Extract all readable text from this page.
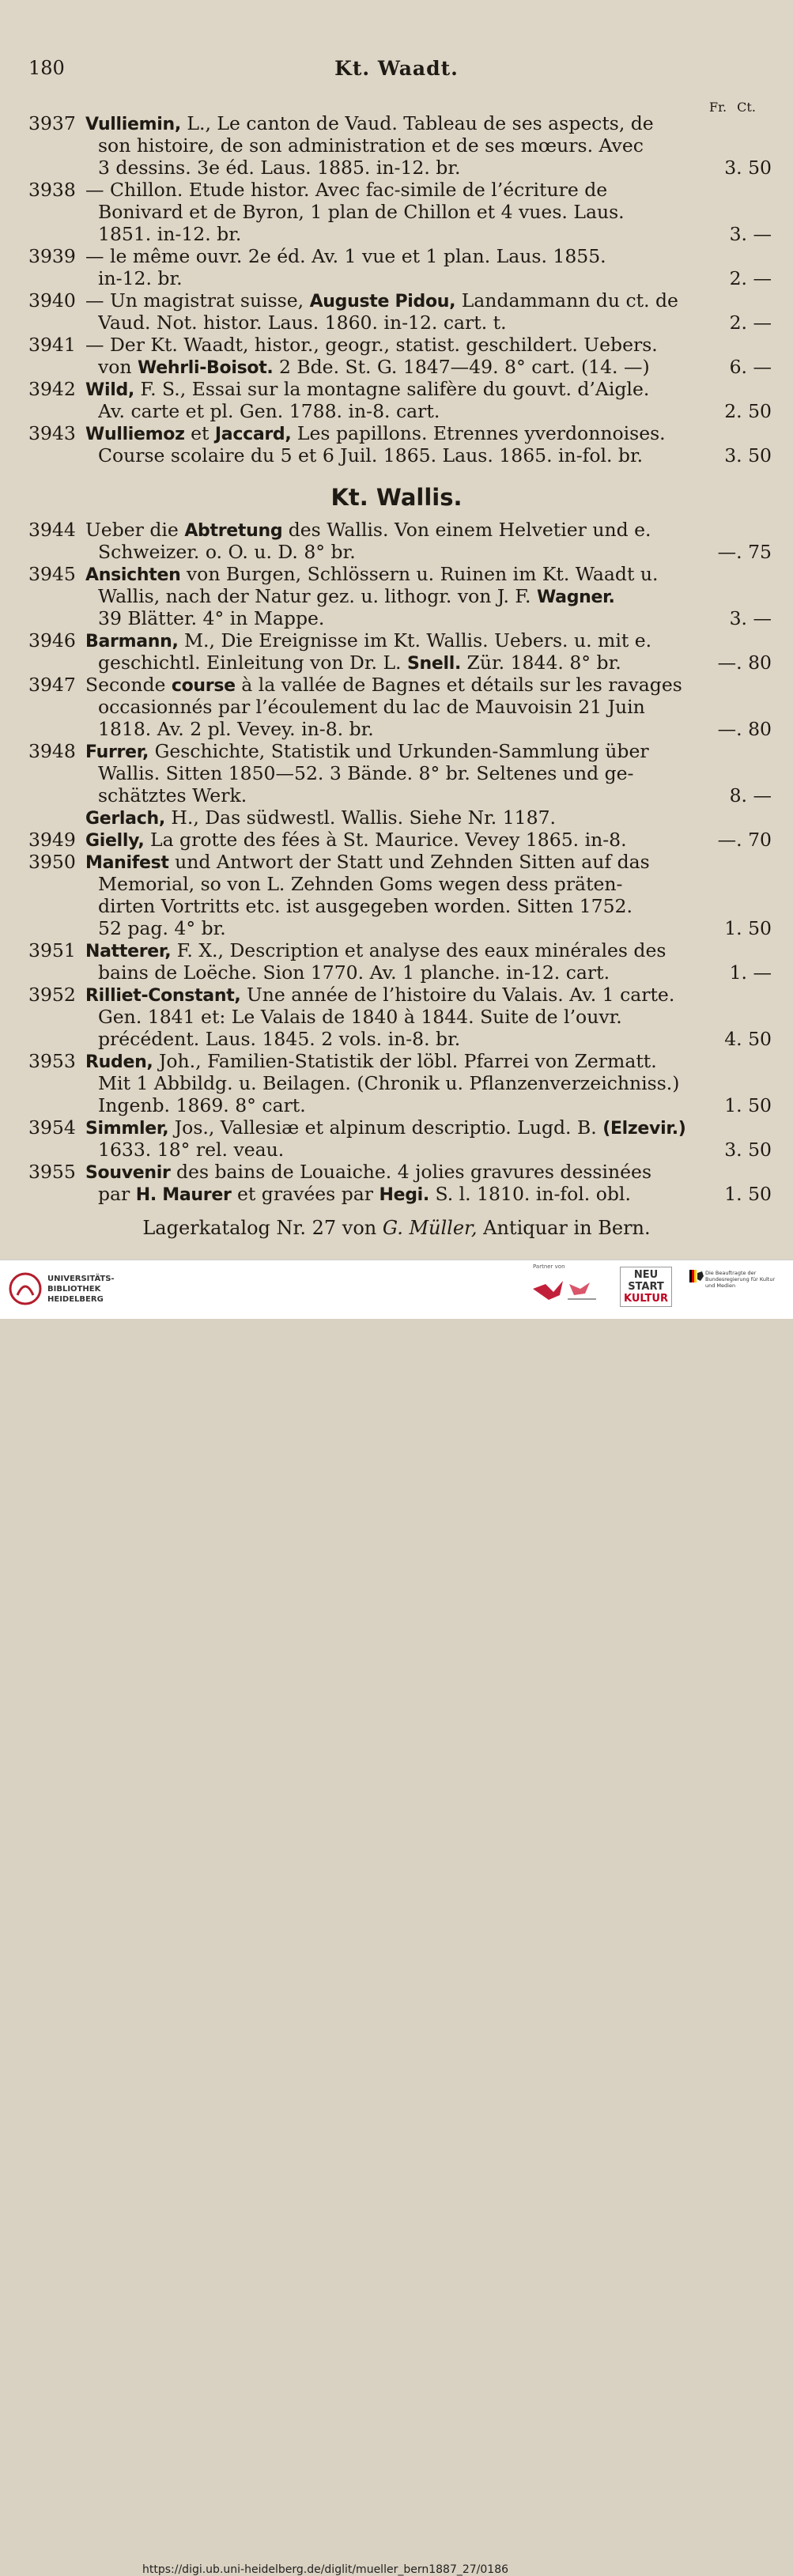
180	Kt. Waadt.
Fr. Ct.
Kt. Wallis.
3937 Vulliemin, L., Le canton de Vaud. Tableau de ses aspects, de
son histoire, de son administration et de ses mœurs. Avec
3 dessins. 3e éd. Laus. 1885. in-12. br.	3. 50
3938 — Chillon. Etude histor. Avec fac-simile de l’écriture de
Bonivard et de Byron, 1 plan de Chillon et 4 vues. Laus.
1851. in-12. br.	3. —
3939 — le même ouvr. 2e éd. Av. 1 vue et 1 plan. Laus. 1855.
in-12. br.	2. —
3940 — Un magistrat suisse, Auguste Pidou, Landammann du ct. de
Vaud. Not. histor. Laus. 1860. in-12. cart. t.	2. —
3941 — Der Kt. Waadt, histor., geogr., statist. geschildert. Uebers.
von Wehrli-Boisot. 2 Bde. St. G. 1847—49. 8° cart. (14. —)	6. —
3942 Wild, F. S., Essai sur la montagne salifère du gouvt. d’Aigle.
Av. carte et pl. Gen. 1788. in-8. cart.	2. 50
3943 Wulliemoz et Jaccard, Les papillons. Etrennes yverdonnoises.
Course scolaire du 5 et 6 Juil. 1865. Laus. 1865. in-fol. br.	3. 50
3944 Ueber die Abtretung des Wallis. Von einem Helvetier und e.
Schweizer. o. O. u. D. 8° br.	—. 75
3945 Ansichten von Burgen, Schlössern u. Ruinen im Kt. Waadt u.
Wallis, nach der Natur gez. u. lithogr. von J. F. Wagner.
39 Blätter. 4° in Mappe.	3. —
3946 Barmann, M., Die Ereignisse im Kt. Wallis. Uebers. u. mit e.
geschichtl. Einleitung von Dr. L. Snell. Zür. 1844. 8° br.	—. 80
3947 Seconde course à la vallée de Bagnes et détails sur les ravages
occasionnés par l’écoulement du lac de Mauvoisin 21 Juin
1818. Av. 2 pl. Vevey. in-8. br.	—. 80
3948 Furrer, Geschichte, Statistik und Urkunden-Sammlung über
Wallis. Sitten 1850—52. 3 Bände. 8° br. Seltenes und ge-
schätztes Werk.	8. —
Gerlach, H., Das südwestl. Wallis. Siehe Nr. 1187.
3949 Gielly, La grotte des fées à St. Maurice. Vevey 1865. in-8.	—. 70
3950 Manifest und Antwort der Statt und Zehnden Sitten auf das
Memorial, so von L. Zehnden Goms wegen dess präten-
dirten Vortritts etc. ist ausgegeben worden. Sitten 1752.
52 pag. 4° br.	1. 50
3951 Natterer, F. X., Description et analyse des eaux minérales des
bains de Loëche. Sion 1770. Av. 1 planche. in-12. cart.	1. —
3952 Rilliet-Constant, Une année de l’histoire du Valais. Av. 1 carte.
Gen. 1841 et: Le Valais de 1840 à 1844. Suite de l’ouvr.
précédent. Laus. 1845. 2 vols. in-8. br.	4. 50
3953 Ruden, Joh., Familien-Statistik der löbl. Pfarrei von Zermatt.
Mit 1 Abbildg. u. Beilagen. (Chronik u. Pflanzenverzeichniss.)
Ingenb. 1869. 8° cart.	1. 50
3954 Simmler, Jos., Vallesiæ et alpinum descriptio. Lugd. B. (Elzevir.)
1633. 18° rel. veau.	3. 50
3955 Souvenir des bains de Louaiche. 4 jolies gravures dessinées
par H. Maurer et gravées par Hegi. S. l. 1810. in-fol. obl.	1. 50
Lagerkatalog Nr. 27 von G. Müller, Antiquar in Bern.
UNIVERSITÄTS-
BIBLIOTHEK
HEIDELBERG
Partner von
NEU
START
KULTUR
Die Beauftragte der Bundesregierung für Kultur und Medien
https://digi.ub.uni-heidelberg.de/diglit/mueller_bern1887_27/0186
